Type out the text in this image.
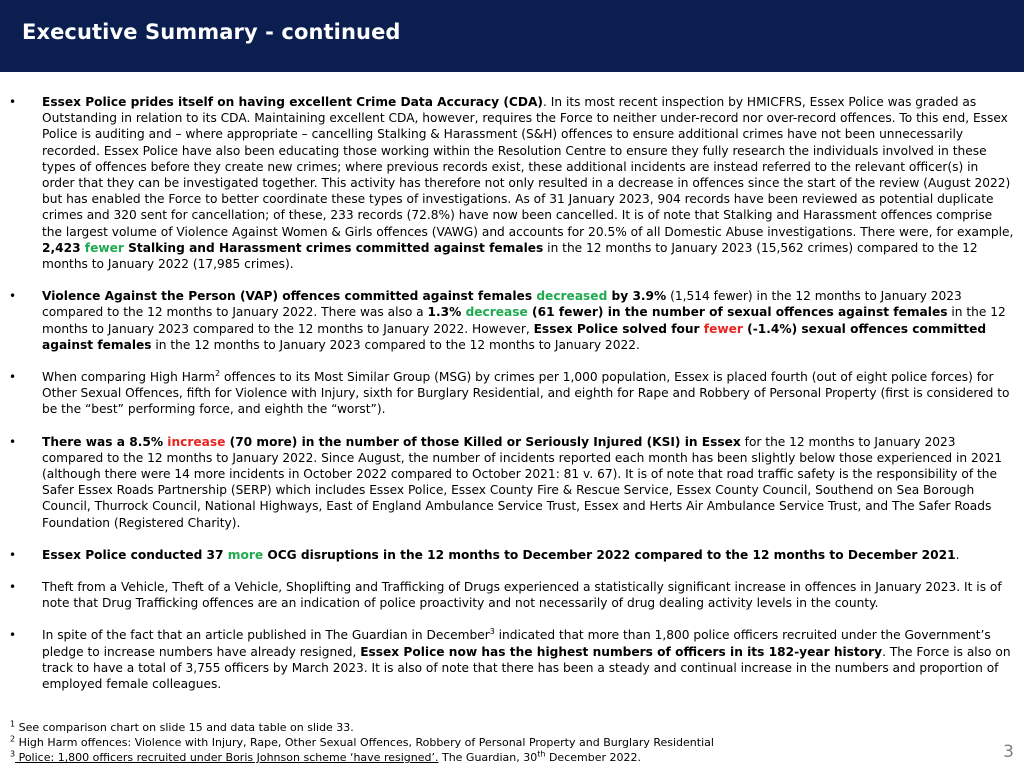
Executive Summary - continued
• Essex Police prides itself on having excellent Crime Data Accuracy (CDA). In its most recent inspection by HMICFRS, Essex Police was graded as Outstanding in relation to its CDA. Maintaining excellent CDA, however, requires the Force to neither under-record nor over-record offences. To this end, Essex Police is auditing and – where appropriate – cancelling Stalking & Harassment (S&H) offences to ensure additional crimes have not been unnecessarily recorded. Essex Police have also been educating those working within the Resolution Centre to ensure they fully research the individuals involved in these types of offences before they create new crimes; where previous records exist, these additional incidents are instead referred to the relevant officer(s) in order that they can be investigated together. This activity has therefore not only resulted in a decrease in offences since the start of the review (August 2022) but has enabled the Force to better coordinate these types of investigations. As of 31 January 2023, 904 records have been reviewed as potential duplicate crimes and 320 sent for cancellation; of these, 233 records (72.8%) have now been cancelled. It is of note that Stalking and Harassment offences comprise the largest volume of Violence Against Women & Girls offences (VAWG) and accounts for 20.5% of all Domestic Abuse investigations. There were, for example, 2,423 fewer Stalking and Harassment crimes committed against females in the 12 months to January 2023 (15,562 crimes) compared to the 12 months to January 2022 (17,985 crimes).
• Violence Against the Person (VAP) offences committed against females decreased by 3.9% (1,514 fewer) in the 12 months to January 2023 compared to the 12 months to January 2022. There was also a 1.3% decrease (61 fewer) in the number of sexual offences against females in the 12 months to January 2023 compared to the 12 months to January 2022. However, Essex Police solved four fewer (-1.4%) sexual offences committed against females in the 12 months to January 2023 compared to the 12 months to January 2022.
• When comparing High Harm$^2$ offences to its Most Similar Group (MSG) by crimes per 1,000 population, Essex is placed fourth (out of eight police forces) for Other Sexual Offences, fifth for Violence with Injury, sixth for Burglary Residential, and eighth for Rape and Robbery of Personal Property (first is considered to be the “best” performing force, and eighth the “worst”).
• There was a 8.5% increase (70 more) in the number of those Killed or Seriously Injured (KSI) in Essex for the 12 months to January 2023 compared to the 12 months to January 2022. Since August, the number of incidents reported each month has been slightly below those experienced in 2021 (although there were 14 more incidents in October 2022 compared to October 2021: 81 v. 67). It is of note that road traffic safety is the responsibility of the Safer Essex Roads Partnership (SERP) which includes Essex Police, Essex County Fire & Rescue Service, Essex County Council, Southend on Sea Borough Council, Thurrock Council, National Highways, East of England Ambulance Service Trust, Essex and Herts Air Ambulance Service Trust, and The Safer Roads Foundation (Registered Charity).
• Essex Police conducted 37 more OCG disruptions in the 12 months to December 2022 compared to the 12 months to December 2021.
• Theft from a Vehicle, Theft of a Vehicle, Shoplifting and Trafficking of Drugs experienced a statistically significant increase in offences in January 2023. It is of note that Drug Trafficking offences are an indication of police proactivity and not necessarily of drug dealing activity levels in the county.
• In spite of the fact that an article published in The Guardian in December$^3$ indicated that more than 1,800 police officers recruited under the Government’s pledge to increase numbers have already resigned, Essex Police now has the highest numbers of officers in its 182-year history. The Force is also on track to have a total of 3,755 officers by March 2023. It is also of note that there has been a steady and continual increase in the numbers and proportion of employed female colleagues.
$^1$ See comparison chart on slide 15 and data table on slide 33.
$^2$ High Harm offences: Violence with Injury, Rape, Other Sexual Offences, Robbery of Personal Property and Burglary Residential
$^3$ Police: 1,800 officers recruited under Boris Johnson scheme ‘have resigned’. The Guardian, 30th December 2022.	3
